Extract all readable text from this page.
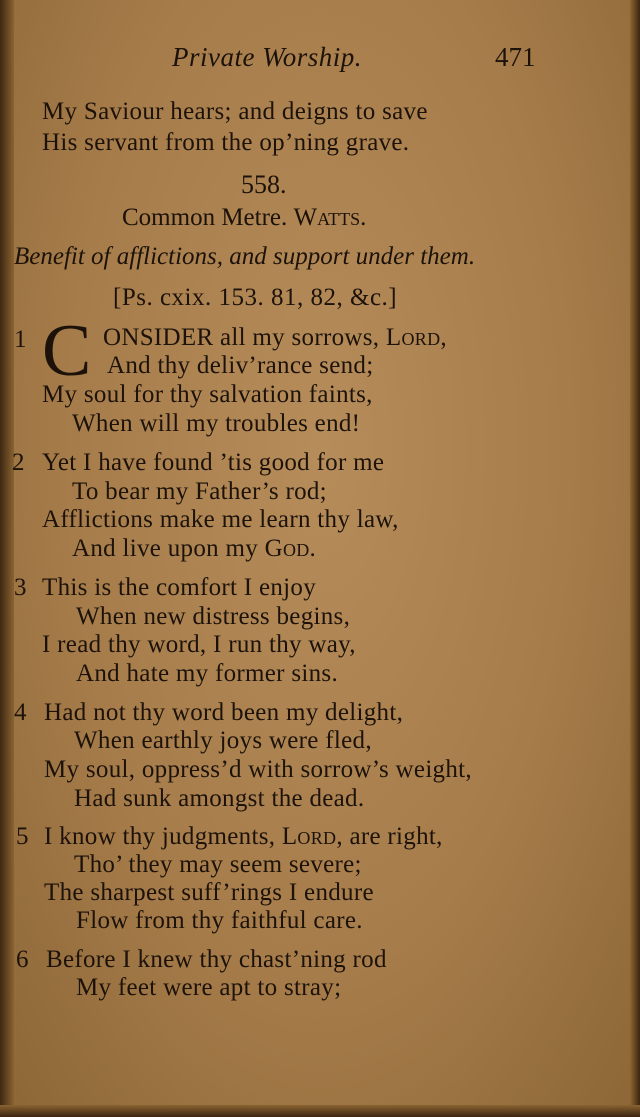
Private Worship.	471
My Saviour hears; and deigns to save
His servant from the op’ning grave.
558.
Common Metre. Watts.
Benefit of afflictions, and support under them.
[Ps. cxix. 153. 81, 82, &c.]
1 C ONSIDER all my sorrows, Lord,
And thy deliv’rance send;
My soul for thy salvation faints,
When will my troubles end!
2 Yet I have found ’tis good for me
To bear my Father’s rod;
Afflictions make me learn thy law,
And live upon my God.
3 This is the comfort I enjoy
When new distress begins,
I read thy word, I run thy way,
And hate my former sins.
4 Had not thy word been my delight,
When earthly joys were fled,
My soul, oppress’d with sorrow’s weight,
Had sunk amongst the dead.
5 I know thy judgments, Lord, are right,
Tho’ they may seem severe;
The sharpest suff’rings I endure
Flow from thy faithful care.
6 Before I knew thy chast’ning rod
My feet were apt to stray;
